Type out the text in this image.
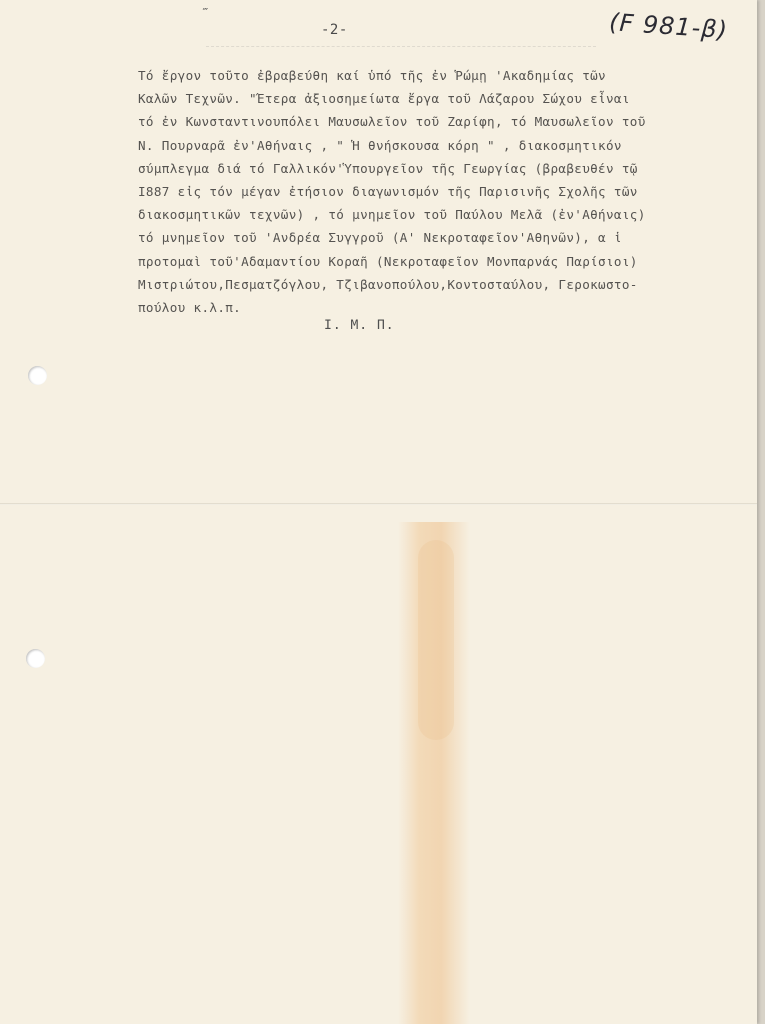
‴
-2-	(F 981-β)
Τό ἔργον τοῦτο ἐβραβεύθη καί ὑπό τῆς ἐν Ῥώμῃ 'Ακαδημίας τῶν
Καλῶν Τεχνῶν. "Έτερα ἀξιοσημείωτα ἔργα τοῦ Λάζαρου Σώχου εἶναι
τό ἐν Κωνσταντινουπόλει Μαυσωλεῖον τοῦ Ζαρίφη, τό Μαυσωλεῖον τοῦ
Ν. Πουρναρᾶ ἐν'Αθήναις , " Ἡ θνήσκουσα κόρη " , διακοσμητικόν
σύμπλεγμα διά τό Γαλλικόν'Ὑπουργεῖον τῆς Γεωργίας (βραβευθέν τῷ
I887 εἰς τόν μέγαν ἐτήσιον διαγωνισμόν τῆς Παρισινῆς Σχολῆς τῶν
διακοσμητικῶν τεχνῶν) , τό μνημεῖον τοῦ Παύλου Μελᾶ (ἐν'Αθήναις)
τό μνημεῖον τοῦ 'Ανδρέα Συγγροῦ (Α' Νεκροταφεῖον'Αθηνῶν), α ἱ
προτομαὶ τοῦ'Αδαμαντίου Κοραῆ (Νεκροταφεῖον Μονπαρνάς Παρίσιοι)
Μιστριώτου,Πεσματζόγλου, Τζιβανοπούλου,Κοντοσταύλου, Γεροκωστο-
πούλου κ.λ.π.
Ι. Μ. Π.
